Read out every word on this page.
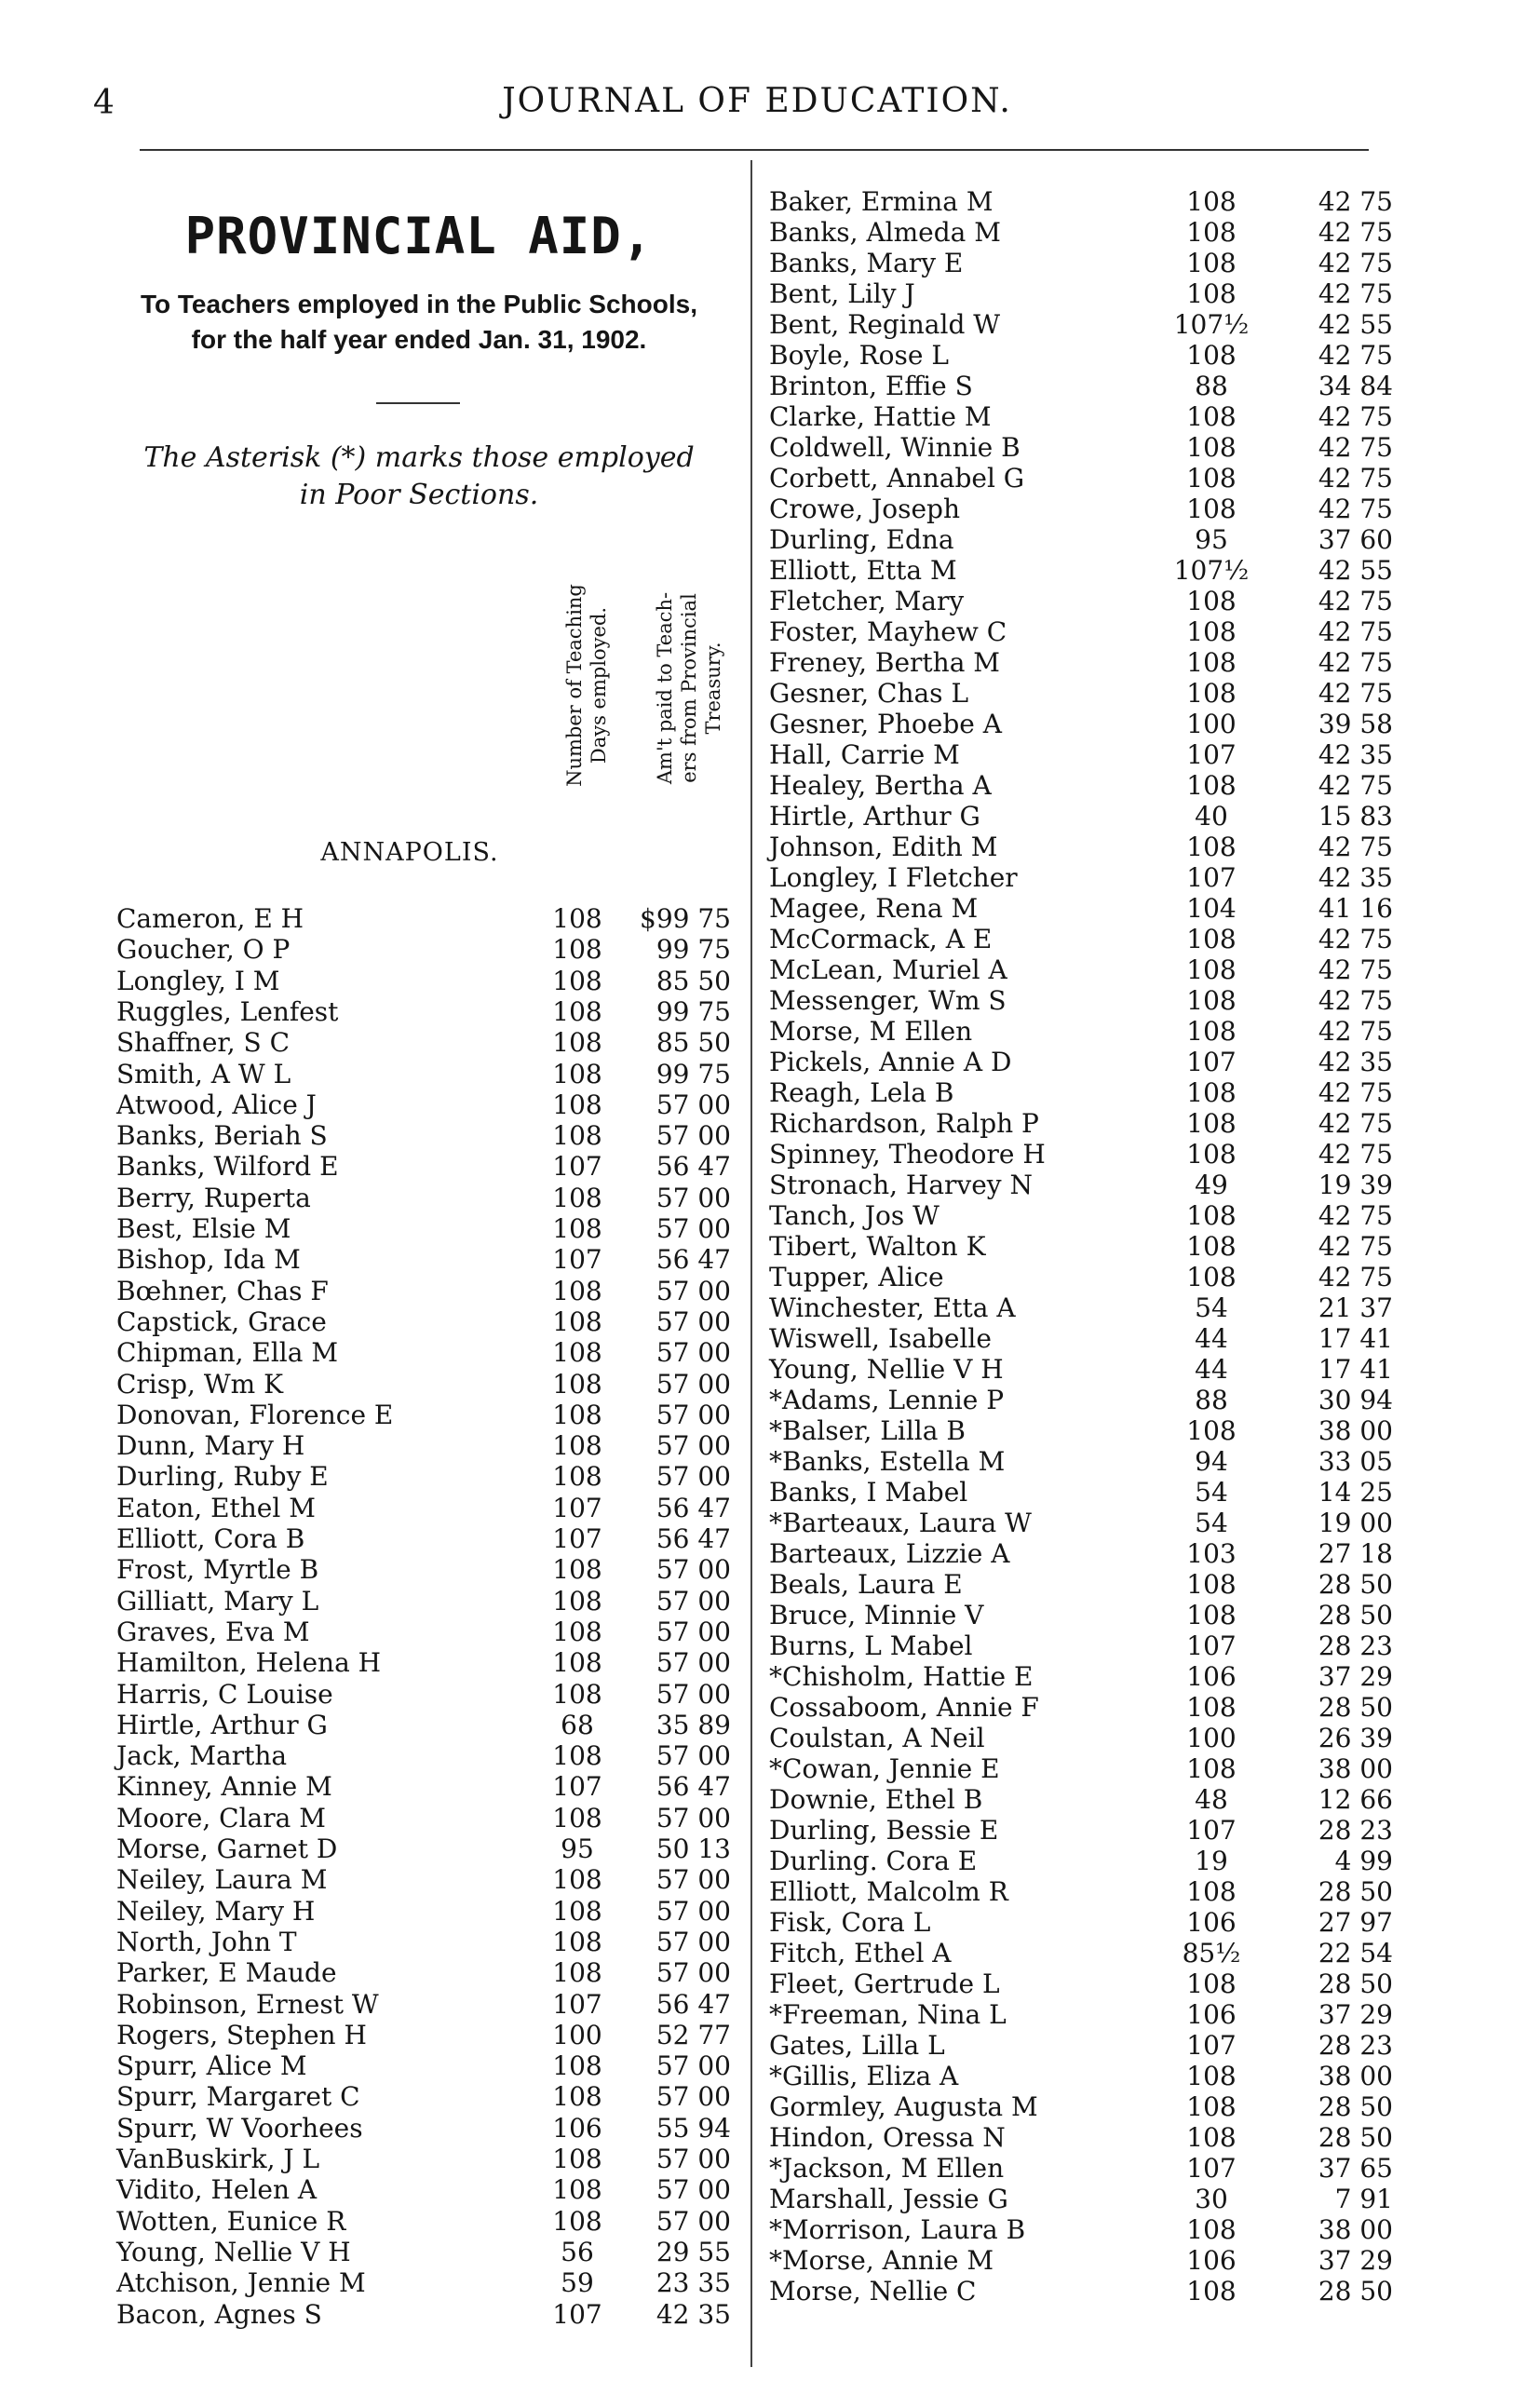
4	JOURNAL OF EDUCATION.
PROVINCIAL AID,
To Teachers employed in the Public Schools,
for the half year ended Jan. 31, 1902.
The Asterisk (*) marks those employed
in Poor Sections.
Number of Teaching Days employed. Am't paid to Teach- ers from Provincial Treasury.
ANNAPOLIS.
Cameron, E H	108	$99 75
Goucher, O P	108	99 75
Longley, I M	108	85 50
Ruggles, Lenfest	108	99 75
Shaffner, S C	108	85 50
Smith, A W L	108	99 75
Atwood, Alice J	108	57 00
Banks, Beriah S	108	57 00
Banks, Wilford E	107	56 47
Berry, Ruperta	108	57 00
Best, Elsie M	108	57 00
Bishop, Ida M	107	56 47
Bœhner, Chas F	108	57 00
Capstick, Grace	108	57 00
Chipman, Ella M	108	57 00
Crisp, Wm K	108	57 00
Donovan, Florence E	108	57 00
Dunn, Mary H	108	57 00
Durling, Ruby E	108	57 00
Eaton, Ethel M	107	56 47
Elliott, Cora B	107	56 47
Frost, Myrtle B	108	57 00
Gilliatt, Mary L	108	57 00
Graves, Eva M	108	57 00
Hamilton, Helena H	108	57 00
Harris, C Louise	108	57 00
Hirtle, Arthur G	68	35 89
Jack, Martha	108	57 00
Kinney, Annie M	107	56 47
Moore, Clara M	108	57 00
Morse, Garnet D	95	50 13
Neiley, Laura M	108	57 00
Neiley, Mary H	108	57 00
North, John T	108	57 00
Parker, E Maude	108	57 00
Robinson, Ernest W	107	56 47
Rogers, Stephen H	100	52 77
Spurr, Alice M	108	57 00
Spurr, Margaret C	108	57 00
Spurr, W Voorhees	106	55 94
VanBuskirk, J L	108	57 00
Vidito, Helen A	108	57 00
Wotten, Eunice R	108	57 00
Young, Nellie V H	56	29 55
Atchison, Jennie M	59	23 35
Bacon, Agnes S	107	42 35
Baker, Ermina M	108	42 75
Banks, Almeda M	108	42 75
Banks, Mary E	108	42 75
Bent, Lily J	108	42 75
Bent, Reginald W	107½	42 55
Boyle, Rose L	108	42 75
Brinton, Effie S	88	34 84
Clarke, Hattie M	108	42 75
Coldwell, Winnie B	108	42 75
Corbett, Annabel G	108	42 75
Crowe, Joseph	108	42 75
Durling, Edna	95	37 60
Elliott, Etta M	107½	42 55
Fletcher, Mary	108	42 75
Foster, Mayhew C	108	42 75
Freney, Bertha M	108	42 75
Gesner, Chas L	108	42 75
Gesner, Phoebe A	100	39 58
Hall, Carrie M	107	42 35
Healey, Bertha A	108	42 75
Hirtle, Arthur G	40	15 83
Johnson, Edith M	108	42 75
Longley, I Fletcher	107	42 35
Magee, Rena M	104	41 16
McCormack, A E	108	42 75
McLean, Muriel A	108	42 75
Messenger, Wm S	108	42 75
Morse, M Ellen	108	42 75
Pickels, Annie A D	107	42 35
Reagh, Lela B	108	42 75
Richardson, Ralph P	108	42 75
Spinney, Theodore H	108	42 75
Stronach, Harvey N	49	19 39
Tanch, Jos W	108	42 75
Tibert, Walton K	108	42 75
Tupper, Alice	108	42 75
Winchester, Etta A	54	21 37
Wiswell, Isabelle	44	17 41
Young, Nellie V H	44	17 41
*Adams, Lennie P	88	30 94
*Balser, Lilla B	108	38 00
*Banks, Estella M	94	33 05
Banks, I Mabel	54	14 25
*Barteaux, Laura W	54	19 00
Barteaux, Lizzie A	103	27 18
Beals, Laura E	108	28 50
Bruce, Minnie V	108	28 50
Burns, L Mabel	107	28 23
*Chisholm, Hattie E	106	37 29
Cossaboom, Annie F	108	28 50
Coulstan, A Neil	100	26 39
*Cowan, Jennie E	108	38 00
Downie, Ethel B	48	12 66
Durling, Bessie E	107	28 23
Durling. Cora E	19	4 99
Elliott, Malcolm R	108	28 50
Fisk, Cora L	106	27 97
Fitch, Ethel A	85½	22 54
Fleet, Gertrude L	108	28 50
*Freeman, Nina L	106	37 29
Gates, Lilla L	107	28 23
*Gillis, Eliza A	108	38 00
Gormley, Augusta M	108	28 50
Hindon, Oressa N	108	28 50
*Jackson, M Ellen	107	37 65
Marshall, Jessie G	30	7 91
*Morrison, Laura B	108	38 00
*Morse, Annie M	106	37 29
Morse, Nellie C	108	28 50
